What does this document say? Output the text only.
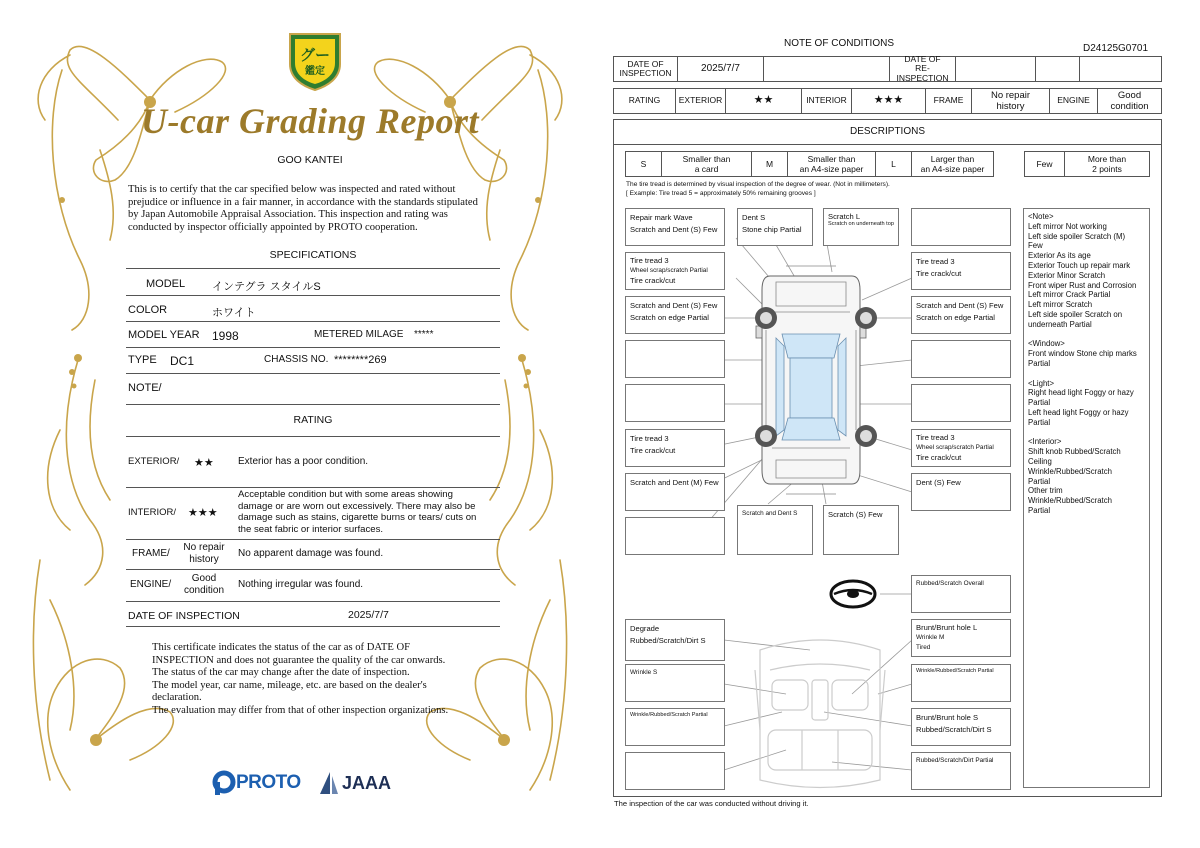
グー
鑑定
U-car Grading Report
GOO KANTEI
This is to certify that the car specified below was inspected and rated without
prejudice or influence in a fair manner, in accordance with the standards stipulated
by Japan Automobile Appraisal Association. This inspection and rating was
conducted by inspector officially appointed by PROTO cooperation.
SPECIFICATIONS
MODEL インテグラ スタイルS
COLOR	ホワイト
MODEL YEAR 1998	METERED MILAGE *****
TYPE DC1	CHASSIS NO. ********269
NOTE/
RATING
EXTERIOR/ ★★ Exterior has a poor condition.
INTERIOR/ ★★★
Acceptable condition but with some areas showing
damage or are worn out excessively. There may also be
damage such as stains, cigarette burns or tears/ cuts on
the seat fabric or interior surfaces.
FRAME/
No repair
history	No apparent damage was found.
ENGINE/
Good
condition	Nothing irregular was found.
DATE OF INSPECTION	2025/7/7
This certificate indicates the status of the car as of DATE OF
INSPECTION and does not guarantee the quality of the car onwards.
The status of the car may change after the date of inspection.
The model year, car name, mileage, etc. are based on the dealer's
declaration.
The evaluation may differ from that of other inspection organizations.
PROTO JAAA
NOTE OF CONDITIONS	D24125G0701
DATE OF
INSPECTION	2025/7/7
DATE OF
RE-INSPECTION
RATING	EXTERIOR	★★	INTERIOR	★★★	FRAME	No repair
history
ENGINE	Good
condition
DESCRIPTIONS
S	Smaller than
a card	M	Smaller than
an A4-size paper	L	Larger than
an A4-size paper	Few	More than
2 points
The tire tread is determined by visual inspection of the degree of wear. (Not in millimeters).
[ Example: Tire tread 5 = approximately 50% remaining grooves ]
Repair mark Wave
Scratch and Dent (S) Few
Dent S
Stone chip Partial
Scratch L
Scratch on underneath top
Tire tread 3
Wheel scrap/scratch Partial
Tire crack/cut
Tire tread 3
Tire crack/cut
Scratch and Dent (S) Few
Scratch on edge Partial
Scratch and Dent (S) Few
Scratch on edge Partial
Tire tread 3
Tire crack/cut
Tire tread 3
Wheel scrap/scratch Partial
Tire crack/cut
Scratch and Dent (M) Few	Dent (S) Few
Scratch and Dent S	Scratch (S) Few
<Note>
Left mirror Not working
Left side spoiler Scratch (M)
Few
Exterior As its age
Exterior Touch up repair mark
Exterior Minor Scratch
Front wiper Rust and Corrosion
Left mirror Crack Partial
Left mirror Scratch
Left side spoiler Scratch on
underneath Partial
<Window>
Front window Stone chip marks
Partial
<Light>
Right head light Foggy or hazy
Partial
Left head light Foggy or hazy
Partial
<Interior>
Shift knob Rubbed/Scratch
Ceiling
Wrinkle/Rubbed/Scratch
Partial
Other trim
Wrinkle/Rubbed/Scratch
Partial
Rubbed/Scratch Overall
Degrade
Rubbed/Scratch/Dirt S
Brunt/Brunt hole L
Wrinkle M
Tired
Wrinkle S	Wrinkle/Rubbed/Scratch Partial
Wrinkle/Rubbed/Scratch Partial	Brunt/Brunt hole S
Rubbed/Scratch/Dirt S
Rubbed/Scratch/Dirt Partial
The inspection of the car was conducted without driving it.
